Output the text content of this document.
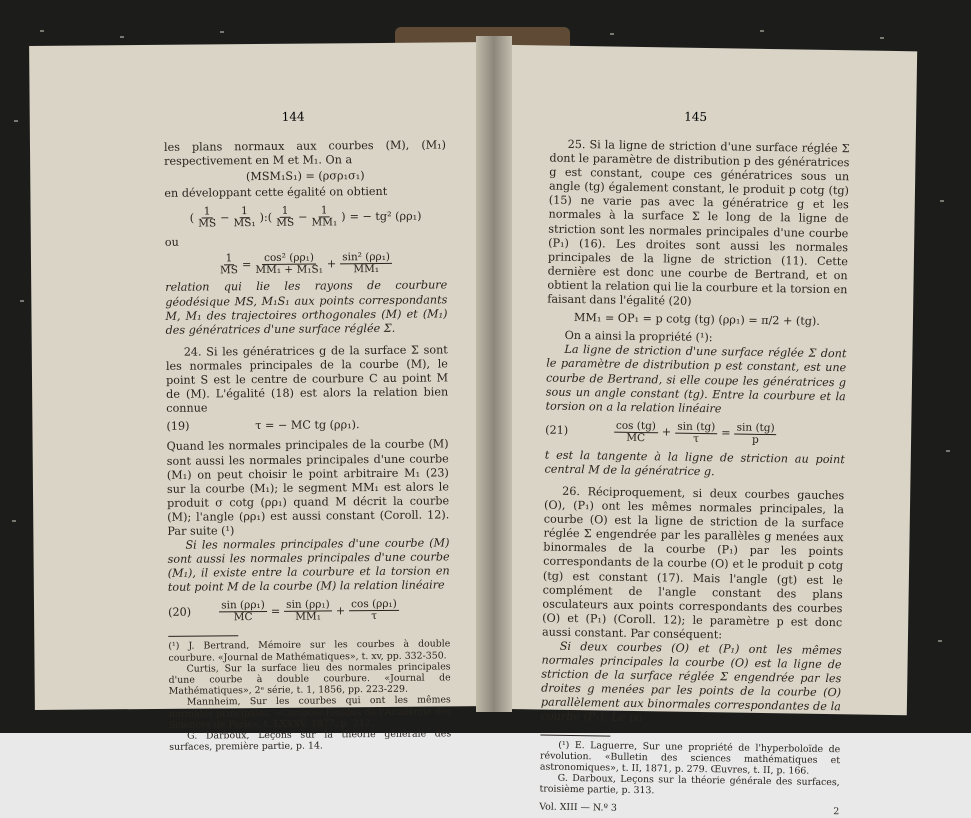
144

les plans normaux aux courbes (M), (M₁) respectivement en M et M₁. On a

(MSM₁S₁) = (ρσρ₁σ₁)

en développant cette égalité on obtient

( $\frac{1}{MS} - \frac{1}{\text{MS₁}}$ ):( $\frac{1}{MS} - \frac{1}{\text{MM₁}}$ ) = − tg² (ρρ₁)

ou

$\frac{1}{MS} = \frac{\text{cos² (ρρ₁)}}{\text{MM₁ + M₁S₁}} + \frac{\text{sin² (ρρ₁)}}{\text{MM₁}}$

relation qui lie les rayons de courbure géodésique MS, M₁S₁ aux points correspondants M, M₁ des trajectoires orthogonales (M) et (M₁) des génératrices d'une surface réglée Σ.

24. Si les génératrices g de la surface Σ sont les normales principales de la courbe (M), le point S est le centre de courbure C au point M de (M). L'égalité (18) est alors la relation bien connue

(19)	τ = − MC tg (ρρ₁).

Quand les normales principales de la courbe (M) sont aussi les normales principales d'une courbe (M₁) on peut choisir le point arbitraire M₁ (23) sur la courbe (M₁); le segment MM₁ est alors le produit σ cotg (ρρ₁) quand M décrit la courbe (M); l'angle (ρρ₁) est aussi constant (Coroll. 12). Par suite (¹)

Si les normales principales d'une courbe (M) sont aussi les normales principales d'une courbe (M₁), il existe entre la courbure et la torsion en tout point M de la courbe (M) la relation linéaire

(20)	$\frac{\text{sin (ρρ₁)}}{MC} = \frac{\text{sin (ρρ₁)}}{\text{MM₁}} + \frac{\text{cos (ρρ₁)}}{\tau}$

(¹) J. Bertrand, Mémoire sur les courbes à double courbure. «Journal de Mathématiques», t. xv, pp. 332-350.

Curtis, Sur la surface lieu des normales principales d'une courbe à double courbure. «Journal de Mathématiques», 2ᵉ série, t. 1, 1856, pp. 223-229.

Mannheim, Sur les courbes qui ont les mêmes normales principales. «Comptes-Rendus de l'Académie des Sciences de Paris», t. LXXXV, 1877, p. 212.

G. Darboux, Leçons sur la théorie générale des surfaces, première partie, p. 14.

145

25. Si la ligne de striction d'une surface réglée Σ dont le paramètre de distribution p des génératrices g est constant, coupe ces génératrices sous un angle (tg) également constant, le produit p cotg (tg) (15) ne varie pas avec la génératrice g et les normales à la surface Σ le long de la ligne de striction sont les normales principales d'une courbe (P₁) (16). Les droites sont aussi les normales principales de la ligne de striction (11). Cette dernière est donc une courbe de Bertrand, et on obtient la relation qui lie la courbure et la torsion en faisant dans l'égalité (20)

MM₁ = OP₁ = p cotg (tg) (ρρ₁) = π/2 + (tg).

On a ainsi la propriété (¹):

La ligne de striction d'une surface réglée Σ dont le paramètre de distribution p est constant, est une courbe de Bertrand, si elle coupe les génératrices g sous un angle constant (tg). Entre la courbure et la torsion on a la relation linéaire

(21)	$\frac{\cos (tg)}{MC} + \frac{\sin (tg)}{\tau} = \frac{\sin (tg)}{p}$

t est la tangente à la ligne de striction au point central M de la génératrice g.

26. Réciproquement, si deux courbes gauches (O), (P₁) ont les mêmes normales principales, la courbe (O) est la ligne de striction de la surface réglée Σ engendrée par les parallèles g menées aux binormales de la courbe (P₁) par les points correspondants de la courbe (O) et le produit p cotg (tg) est constant (17). Mais l'angle (gt) est le complément de l'angle constant des plans osculateurs aux points correspondants des courbes (O) et (P₁) (Coroll. 12); le paramètre p est donc aussi constant. Par conséquent:

Si deux courbes (O) et (P₁) ont les mêmes normales principales la courbe (O) est la ligne de striction de la surface réglée Σ engendrée par les droites g menées par les points de la courbe (O) parallèlement aux binormales correspondantes de la courbe (P₁). Le pa-

(¹) E. Laguerre, Sur une propriété de l'hyperboloïde de révolution. «Bulletin des sciences mathématiques et astronomiques», t. II, 1871, p. 279. Œuvres, t. II, p. 166.

G. Darboux, Leçons sur la théorie générale des surfaces, troisième partie, p. 313.

Vol. XIII — N.º 3	2
